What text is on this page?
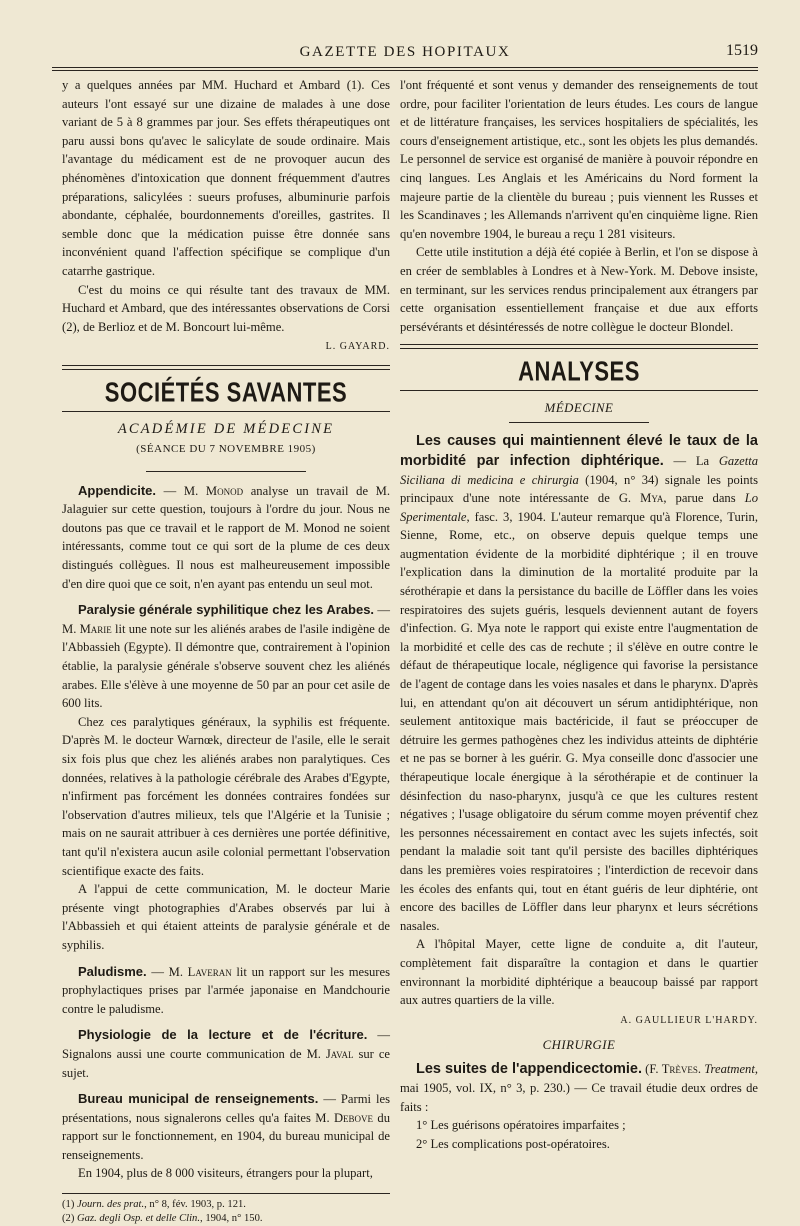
GAZETTE DES HOPITAUX	1519

y a quelques années par MM. Huchard et Ambard (1). Ces auteurs l'ont essayé sur une dizaine de malades à une dose variant de 5 à 8 grammes par jour. Ses effets thérapeutiques ont paru aussi bons qu'avec le salicylate de soude ordinaire. Mais l'avantage du médicament est de ne provoquer aucun des phénomènes d'intoxication que donnent fréquemment d'autres préparations, salicylées : sueurs profuses, albuminurie parfois abondante, céphalée, bourdonnements d'oreilles, gastrites. Il semble donc que la médication puisse être donnée sans inconvénient quand l'affection spécifique se complique d'un catarrhe gastrique.

C'est du moins ce qui résulte tant des travaux de MM. Huchard et Ambard, que des intéressantes observations de Corsi (2), de Berlioz et de M. Boncourt lui-même.

L. GAYARD.

SOCIÉTÉS SAVANTES
ACADÉMIE DE MÉDECINE
(SÉANCE DU 7 NOVEMBRE 1905)

Appendicite. — M. Monod analyse un travail de M. Jalaguier sur cette question, toujours à l'ordre du jour. Nous ne doutons pas que ce travail et le rapport de M. Monod ne soient intéressants, comme tout ce qui sort de la plume de ces deux distingués collègues. Il nous est malheureusement impossible d'en dire quoi que ce soit, n'en ayant pas entendu un seul mot.

Paralysie générale syphilitique chez les Arabes. — M. Marie lit une note sur les aliénés arabes de l'asile indigène de l'Abbassieh (Egypte). Il démontre que, contrairement à l'opinion établie, la paralysie générale s'observe souvent chez les aliénés arabes. Elle s'élève à une moyenne de 50 par an pour cet asile de 600 lits.

Chez ces paralytiques généraux, la syphilis est fréquente. D'après M. le docteur Warnœk, directeur de l'asile, elle le serait six fois plus que chez les aliénés arabes non paralytiques. Ces données, relatives à la pathologie cérébrale des Arabes d'Egypte, n'infirment pas forcément les données contraires fondées sur l'observation d'autres milieux, tels que l'Algérie et la Tunisie ; mais on ne saurait attribuer à ces dernières une portée définitive, tant qu'il n'existera aucun asile colonial permettant l'observation scientifique exacte des faits.

A l'appui de cette communication, M. le docteur Marie présente vingt photographies d'Arabes observés par lui à l'Abbassieh et qui étaient atteints de paralysie générale et de syphilis.

Paludisme. — M. Laveran lit un rapport sur les mesures prophylactiques prises par l'armée japonaise en Mandchourie contre le paludisme.

Physiologie de la lecture et de l'écriture. — Signalons aussi une courte communication de M. Javal sur ce sujet.

Bureau municipal de renseignements. — Parmi les présentations, nous signalerons celles qu'a faites M. Debove du rapport sur le fonctionnement, en 1904, du bureau municipal de renseignements.

En 1904, plus de 8 000 visiteurs, étrangers pour la plupart,

(1) Journ. des prat., n° 8, fév. 1903, p. 121.

(2) Gaz. degli Osp. et delle Clin., 1904, n° 150.

l'ont fréquenté et sont venus y demander des renseignements de tout ordre, pour faciliter l'orientation de leurs études. Les cours de langue et de littérature françaises, les services hospitaliers de spécialités, les cours d'enseignement artistique, etc., sont les objets les plus demandés. Le personnel de service est organisé de manière à pouvoir répondre en cinq langues. Les Anglais et les Américains du Nord forment la majeure partie de la clientèle du bureau ; puis viennent les Russes et les Scandinaves ; les Allemands n'arrivent qu'en cinquième ligne. Rien qu'en novembre 1904, le bureau a reçu 1 281 visiteurs.

Cette utile institution a déjà été copiée à Berlin, et l'on se dispose à en créer de semblables à Londres et à New-York. M. Debove insiste, en terminant, sur les services rendus principalement aux étrangers par cette organisation essentiellement française et due aux efforts persévérants et désintéressés de notre collègue le docteur Blondel.

ANALYSES
MÉDECINE

Les causes qui maintiennent élevé le taux de la morbidité par infection diphtérique. — La Gazetta Siciliana di medicina e chirurgia (1904, n° 34) signale les points principaux d'une note intéressante de G. Mya, parue dans Lo Sperimentale, fasc. 3, 1904. L'auteur remarque qu'à Florence, Turin, Sienne, Rome, etc., on observe depuis quelque temps une augmentation évidente de la morbidité diphtérique ; il en trouve l'explication dans la diminution de la mortalité produite par la sérothérapie et dans la persistance du bacille de Löffler dans les voies respiratoires des sujets guéris, lesquels deviennent autant de foyers d'infection. G. Mya note le rapport qui existe entre l'augmentation de la morbidité et celle des cas de rechute ; il s'élève en outre contre le défaut de thérapeutique locale, négligence qui favorise la persistance de l'agent de contage dans les voies nasales et dans le pharynx. D'après lui, en attendant qu'on ait découvert un sérum antidiphtérique, non seulement antitoxique mais bactéricide, il faut se préoccuper de détruire les germes pathogènes chez les individus atteints de diphtérie et ne pas se borner à les guérir. G. Mya conseille donc d'associer une thérapeutique locale énergique à la sérothérapie et de continuer la désinfection du naso-pharynx, jusqu'à ce que les cultures restent négatives ; l'usage obligatoire du sérum comme moyen préventif chez les personnes nécessairement en contact avec les sujets infectés, soit pendant la maladie soit tant qu'il persiste des bacilles diphtériques dans les premières voies respiratoires ; l'interdiction de recevoir dans les écoles des enfants qui, tout en étant guéris de leur diphtérie, ont encore des bacilles de Löffler dans leur pharynx et leurs sécrétions nasales.

A l'hôpital Mayer, cette ligne de conduite a, dit l'auteur, complètement fait disparaître la contagion et dans le quartier environnant la morbidité diphtérique a beaucoup baissé par rapport aux autres quartiers de la ville.

A. GAULLIEUR L'HARDY.

CHIRURGIE

Les suites de l'appendicectomie. (F. Trèves. Treatment, mai 1905, vol. IX, n° 3, p. 230.) — Ce travail étudie deux ordres de faits :

1° Les guérisons opératoires imparfaites ;

2° Les complications post-opératoires.
